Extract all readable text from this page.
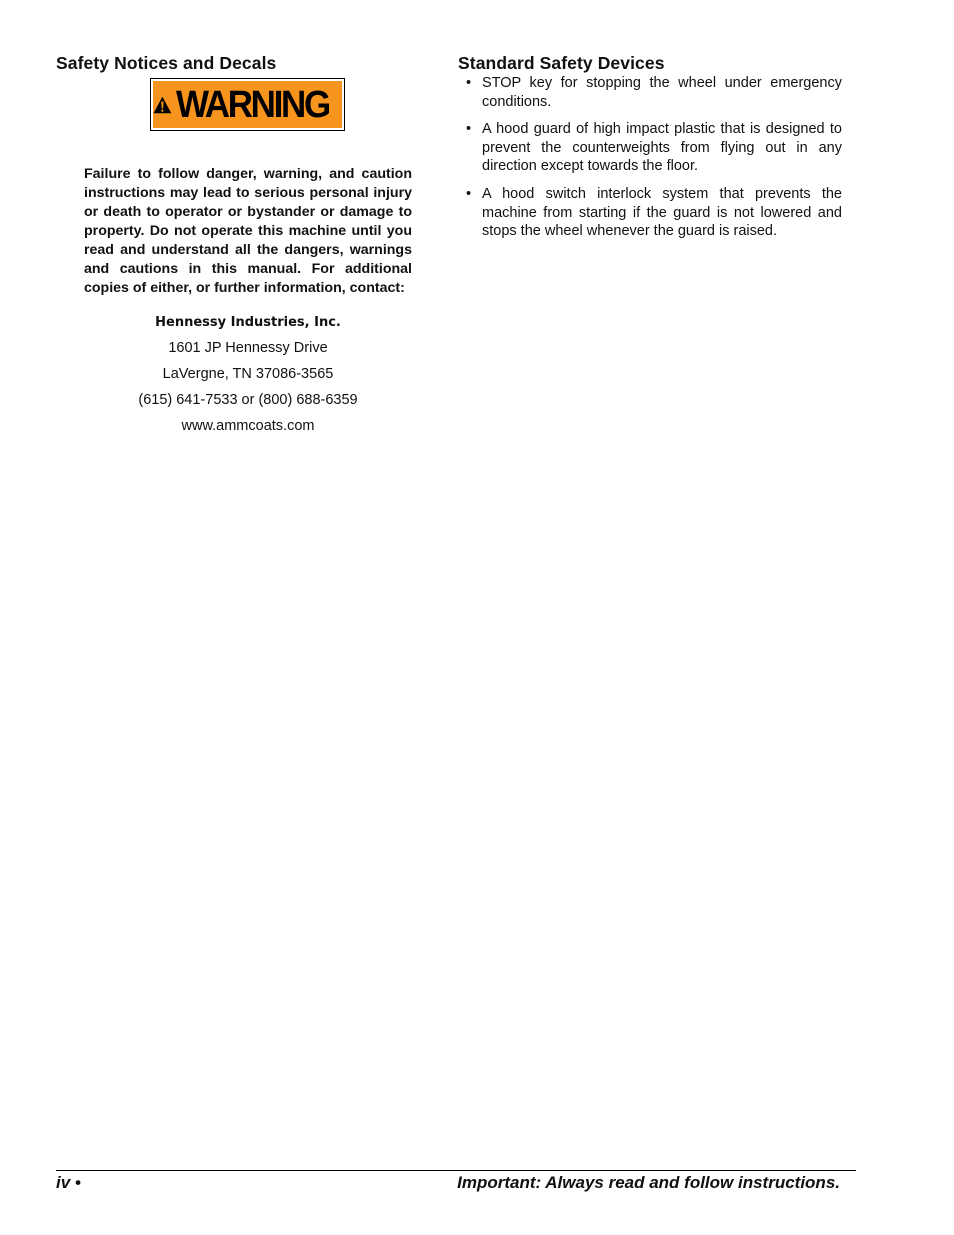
Safety Notices and Decals
WARNING

Failure to follow danger, warning, and caution instructions may lead to serious personal injury or death to operator or bystander or damage to property. Do not operate this machine until you read and understand all the dangers, warnings and cautions in this manual. For additional copies of either, or further information, contact:

Hennessy Industries, Inc.

1601 JP Hennessy Drive

LaVergne, TN 37086-3565

(615) 641-7533 or (800) 688-6359

www.ammcoats.com

Standard Safety Devices
• STOP key for stopping the wheel under emergency conditions.
• A hood guard of high impact plastic that is designed to prevent the counterweights from flying out in any direction except towards the floor.
• A hood switch interlock system that prevents the machine from starting if the guard is not lowered and stops the wheel whenever the guard is raised.
iv •	Important: Always read and follow instructions.
